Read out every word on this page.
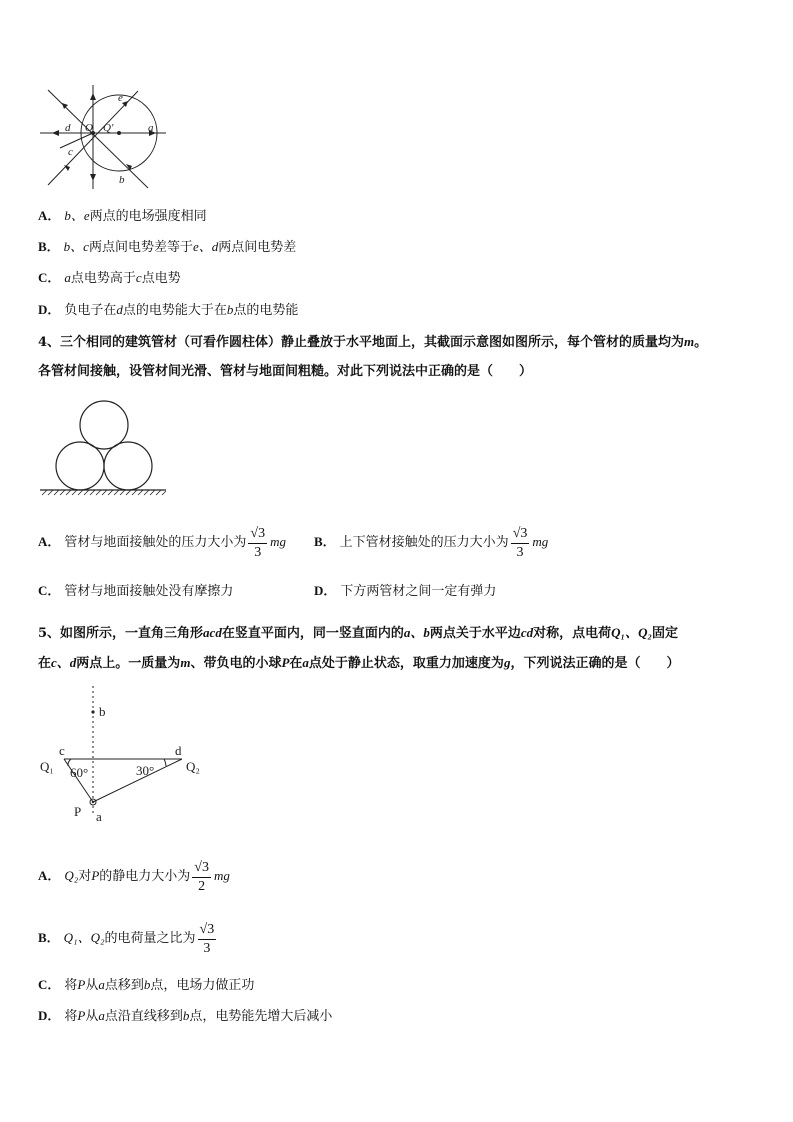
e
d O Q'	a
c
b
A． b、e两点的电场强度相同
B． b、c两点间电势差等于e、d两点间电势差
C． a点电势高于c点电势
D． 负电子在d点的电势能大于在b点的电势能
4、三个相同的建筑管材（可看作圆柱体）静止叠放于水平地面上，其截面示意图如图所示，每个管材的质量均为m。
各管材间接触，设管材间光滑、管材与地面间粗糙。对此下列说法中正确的是（　　）
A． 管材与地面接触处的压力大小为 $\frac{√3}{3}$ mg B． 上下管材接触处的压力大小为 $\frac{√3}{3}$ mg
C． 管材与地面接触处没有摩擦力	D． 下方两管材之间一定有弹力
5、如图所示，一直角三角形acd在竖直平面内，同一竖直面内的a、b两点关于水平边cd对称，点电荷Q₁、Q₂固定
在c、d两点上。一质量为m、带负电的小球P在a点处于静止状态，取重力加速度为g，下列说法正确的是（　　）
b
c	d
Q₁	Q₂
60°	30°
P a
A． Q₂对P的静电力大小为 $\frac{√3}{2}$ mg
B． Q₁、Q₂的电荷量之比为 $\frac{√3}{3}$
C． 将P从a点移到b点，电场力做正功
D． 将P从a点沿直线移到b点，电势能先增大后减小
